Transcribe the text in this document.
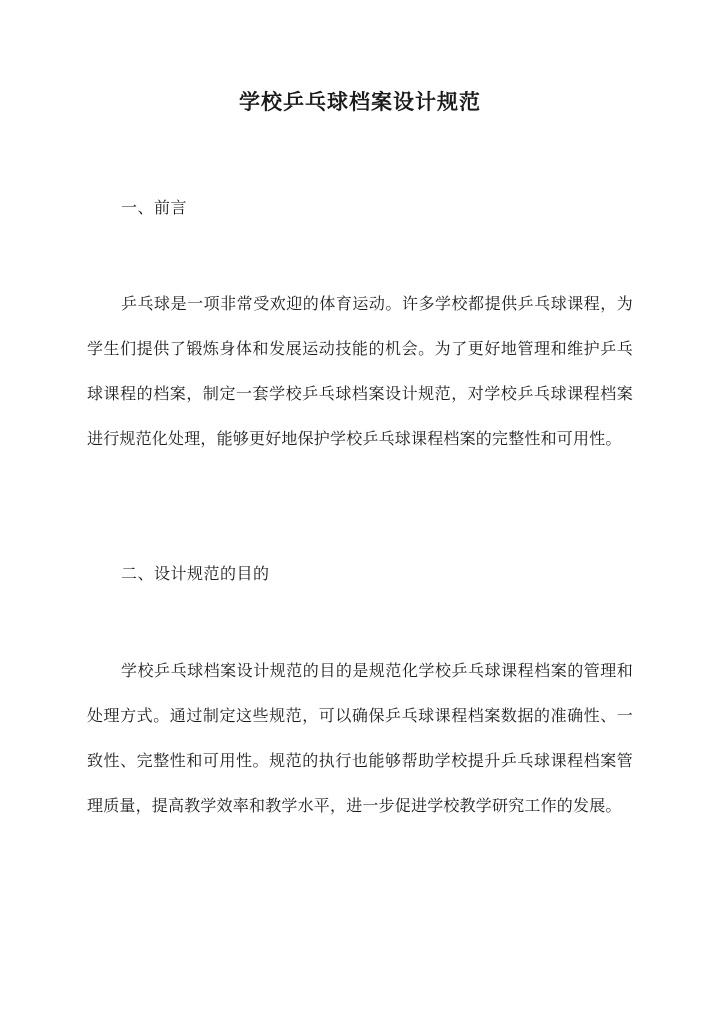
学校乒乓球档案设计规范
一、前言
乒乓球是一项非常受欢迎的体育运动。许多学校都提供乒乓球课程，为学生们提供了锻炼身体和发展运动技能的机会。为了更好地管理和维护乒乓球课程的档案，制定一套学校乒乓球档案设计规范，对学校乒乓球课程档案进行规范化处理，能够更好地保护学校乒乓球课程档案的完整性和可用性。
二、设计规范的目的
学校乒乓球档案设计规范的目的是规范化学校乒乓球课程档案的管理和处理方式。通过制定这些规范，可以确保乒乓球课程档案数据的准确性、一致性、完整性和可用性。规范的执行也能够帮助学校提升乒乓球课程档案管理质量，提高教学效率和教学水平，进一步促进学校教学研究工作的发展。
